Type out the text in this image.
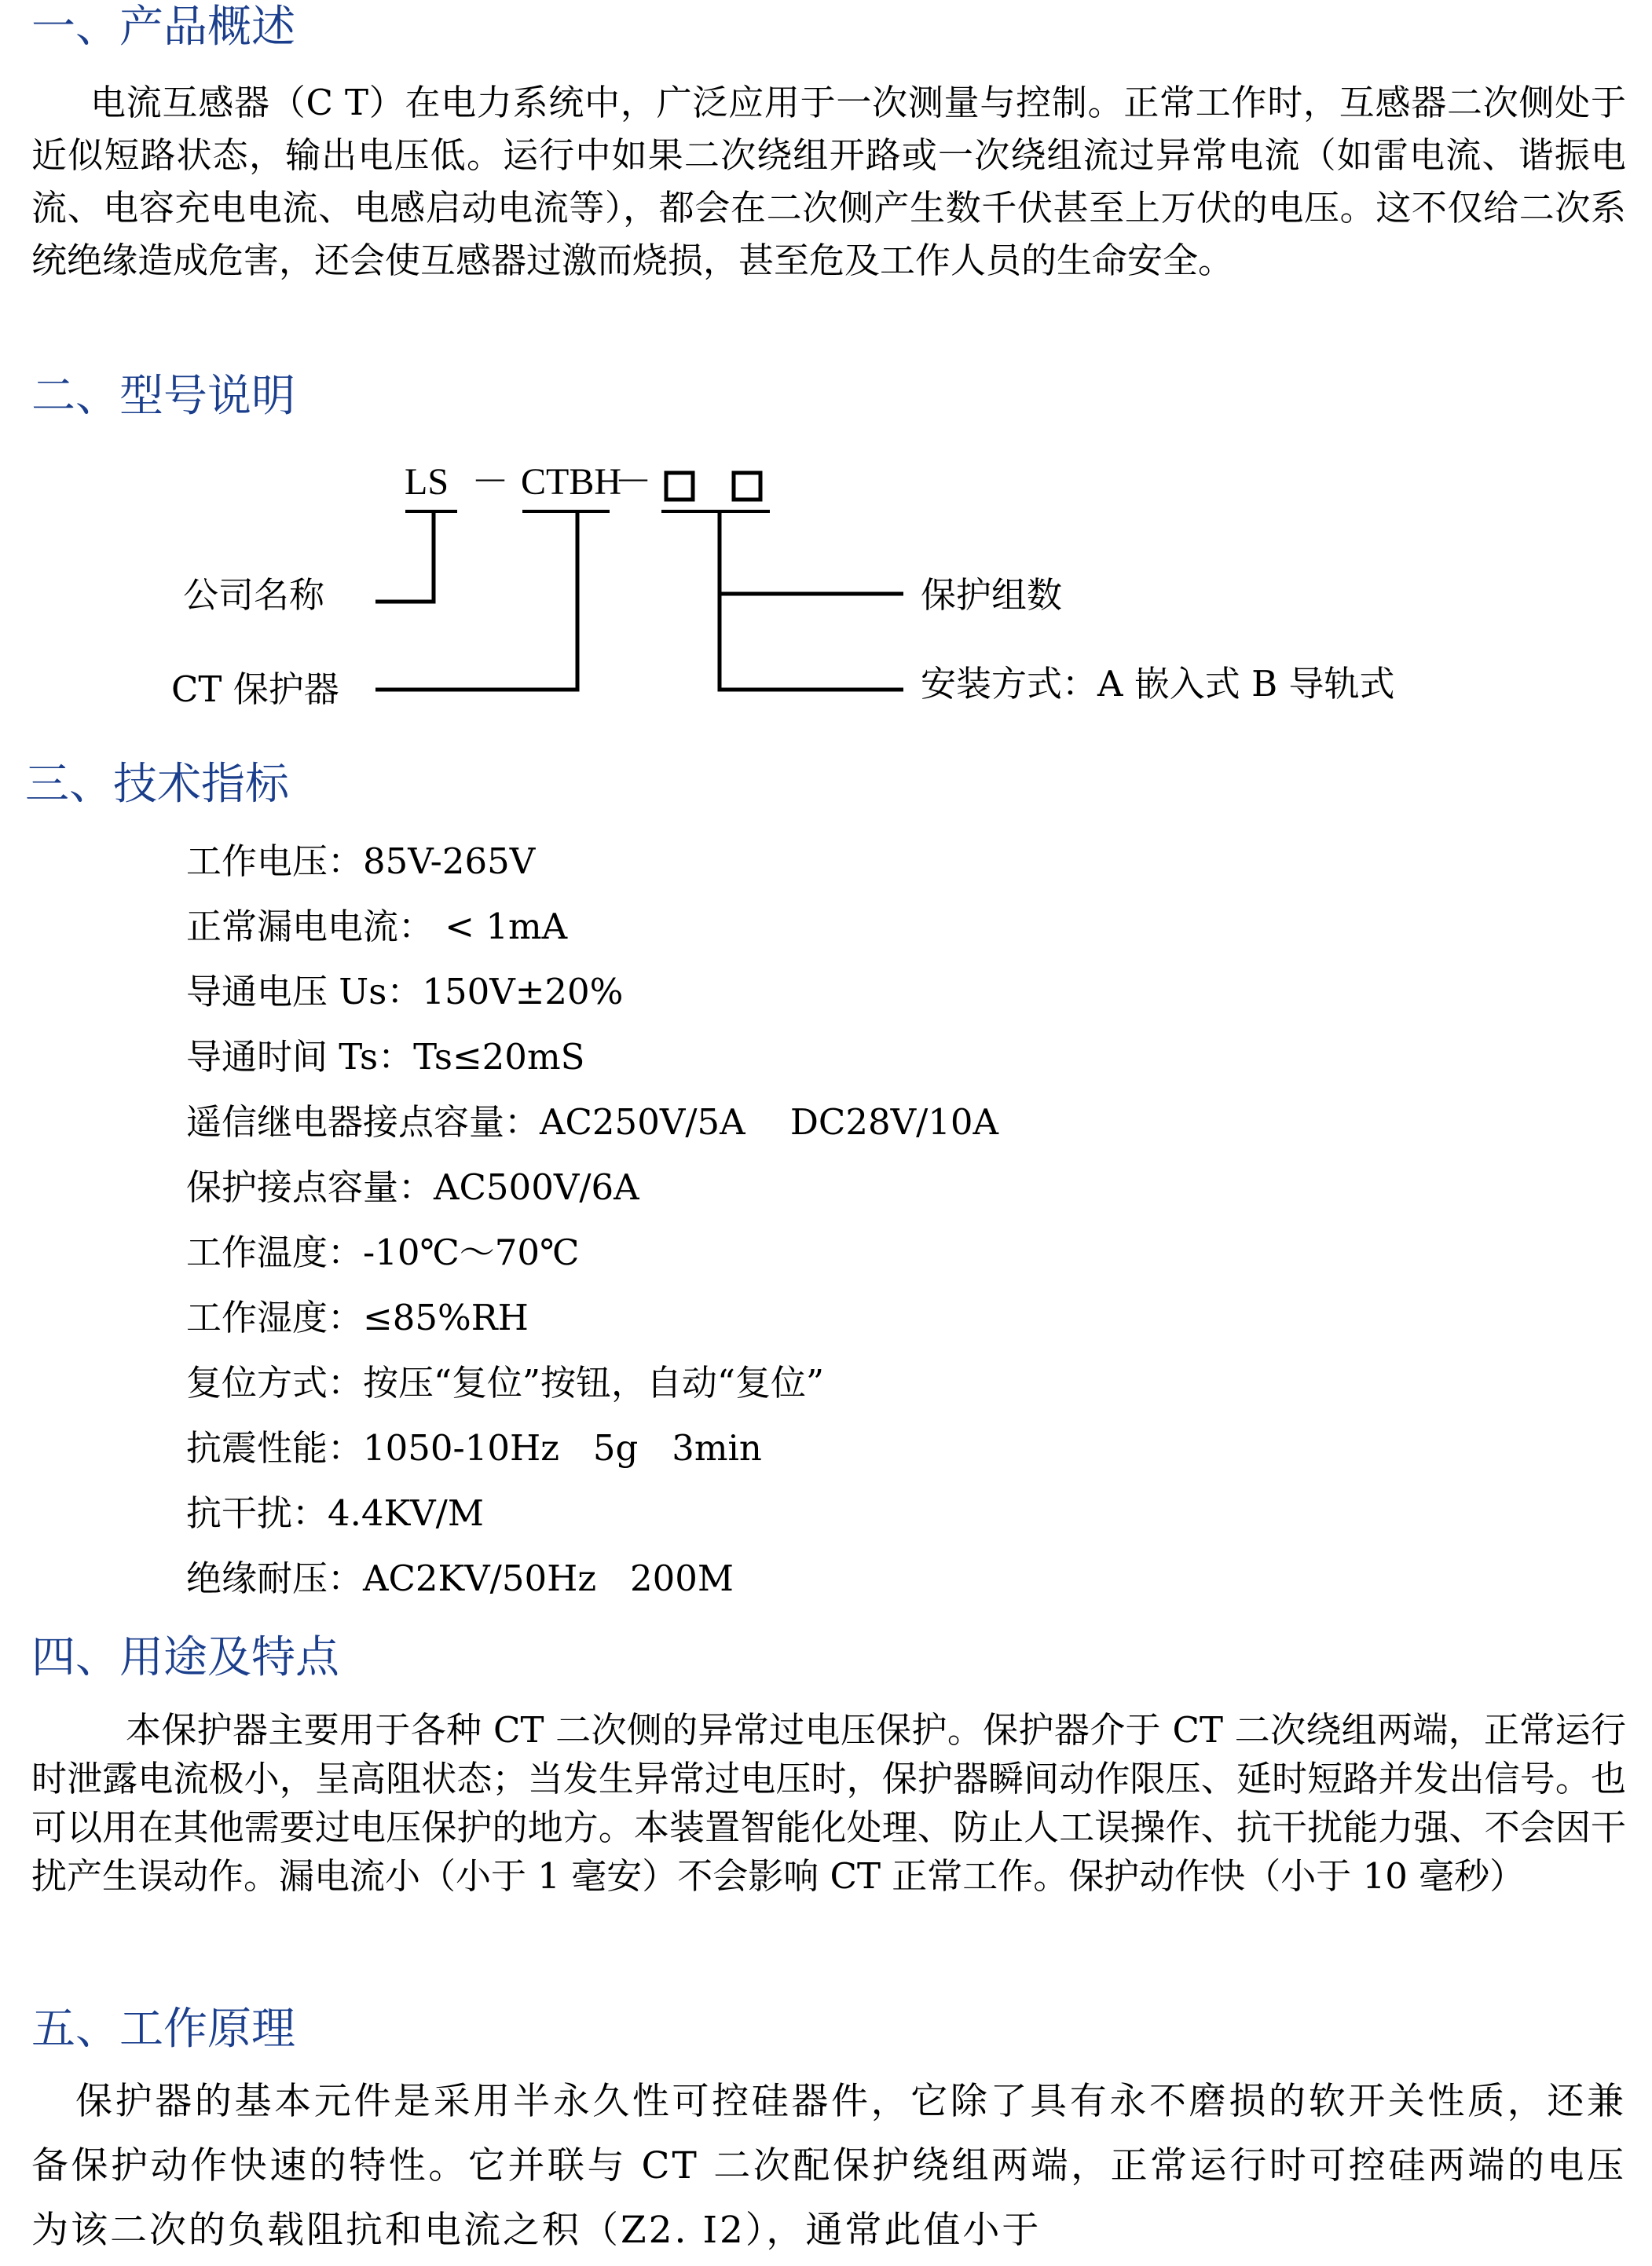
一、产品概述
电流互感器（C T）在电力系统中，广泛应用于一次测量与控制。正常工作时，互感器二次侧处于近似短路状态，输出电压低。运行中如果二次绕组开路或一次绕组流过异常电流（如雷电流、谐振电流、电容充电电流、电感启动电流等），都会在二次侧产生数千伏甚至上万伏的电压。这不仅给二次系统绝缘造成危害，还会使互感器过激而烧损，甚至危及工作人员的生命安全。
二、型号说明
LS － CTBH
－
公司名称
CT 保护器
保护组数
安装方式：A 嵌入式 B 导轨式
三、技术指标
工作电压：85V-265V
正常漏电电流： < 1mA
导通电压 Us：150V±20%
导通时间 Ts：Ts≤20mS
遥信继电器接点容量：AC250V/5A    DC28V/10A
保护接点容量：AC500V/6A
工作温度：-10℃～70℃
工作湿度：≤85%RH
复位方式：按压“复位”按钮，自动“复位”
抗震性能：1050-10Hz   5g   3min
抗干扰：4.4KV/M
绝缘耐压：AC2KV/50Hz   200M
四、用途及特点
本保护器主要用于各种 CT 二次侧的异常过电压保护。保护器介于 CT 二次绕组两端，正常运行时泄露电流极小，呈高阻状态；当发生异常过电压时，保护器瞬间动作限压、延时短路并发出信号。也可以用在其他需要过电压保护的地方。本装置智能化处理、防止人工误操作、抗干扰能力强、不会因干扰产生误动作。漏电流小（小于 1 毫安）不会影响 CT 正常工作。保护动作快（小于 10 毫秒）
五、工作原理
保护器的基本元件是采用半永久性可控硅器件，它除了具有永不磨损的软开关性质，还兼备保护动作快速的特性。它并联与 CT 二次配保护绕组两端，正常运行时可控硅两端的电压为该二次的负载阻抗和电流之积（Z2. I2），通常此值小于
